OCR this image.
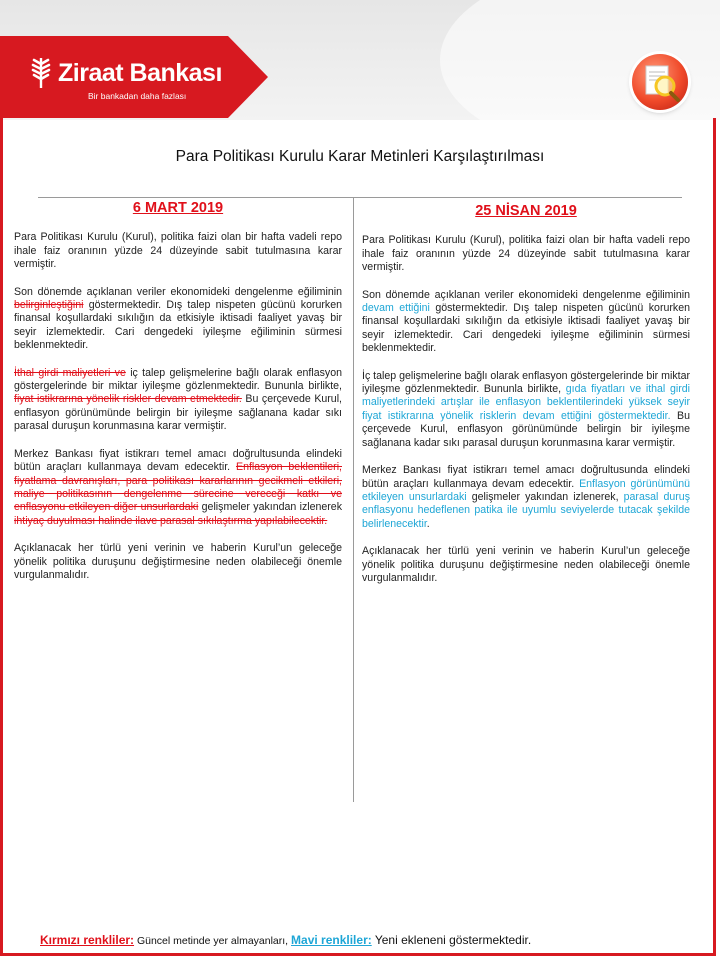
Ziraat Bankası
Bir bankadan daha fazlası
Para Politikası Kurulu Karar Metinleri Karşılaştırılması
6 MART 2019

Para Politikası Kurulu (Kurul), politika faizi olan bir hafta vadeli repo ihale faiz oranının yüzde 24 düzeyinde sabit tutulmasına karar vermiştir.

Son dönemde açıklanan veriler ekonomideki dengelenme eğiliminin belirginleştiğini göstermektedir. Dış talep nispeten gücünü korurken finansal koşullardaki sıkılığın da etkisiyle iktisadi faaliyet yavaş bir seyir izlemektedir. Cari dengedeki iyileşme eğiliminin sürmesi beklenmektedir.

İthal girdi maliyetleri ve iç talep gelişmelerine bağlı olarak enflasyon göstergelerinde bir miktar iyileşme gözlenmektedir. Bununla birlikte, fiyat istikrarına yönelik riskler devam etmektedir. Bu çerçevede Kurul, enflasyon görünümünde belirgin bir iyileşme sağlanana kadar sıkı parasal duruşun korunmasına karar vermiştir.

Merkez Bankası fiyat istikrarı temel amacı doğrultusunda elindeki bütün araçları kullanmaya devam edecektir. Enflasyon beklentileri, fiyatlama davranışları, para politikası kararlarının gecikmeli etkileri, maliye politikasının dengelenme sürecine vereceği katkı ve enflasyonu etkileyen diğer unsurlardaki gelişmeler yakından izlenerek ihtiyaç duyulması halinde ilave parasal sıkılaştırma yapılabilecektir.

Açıklanacak her türlü yeni verinin ve haberin Kurul’un geleceğe yönelik politika duruşunu değiştirmesine neden olabileceği önemle vurgulanmalıdır.

25 NİSAN 2019

Para Politikası Kurulu (Kurul), politika faizi olan bir hafta vadeli repo ihale faiz oranının yüzde 24 düzeyinde sabit tutulmasına karar vermiştir.

Son dönemde açıklanan veriler ekonomideki dengelenme eğiliminin devam ettiğini göstermektedir. Dış talep nispeten gücünü korurken finansal koşullardaki sıkılığın da etkisiyle iktisadi faaliyet yavaş bir seyir izlemektedir. Cari dengedeki iyileşme eğiliminin sürmesi beklenmektedir.

İç talep gelişmelerine bağlı olarak enflasyon göstergelerinde bir miktar iyileşme gözlenmektedir. Bununla birlikte, gıda fiyatları ve ithal girdi maliyetlerindeki artışlar ile enflasyon beklentilerindeki yüksek seyir fiyat istikrarına yönelik risklerin devam ettiğini göstermektedir. Bu çerçevede Kurul, enflasyon görünümünde belirgin bir iyileşme sağlanana kadar sıkı parasal duruşun korunmasına karar vermiştir.

Merkez Bankası fiyat istikrarı temel amacı doğrultusunda elindeki bütün araçları kullanmaya devam edecektir. Enflasyon görünümünü etkileyen unsurlardaki gelişmeler yakından izlenerek, parasal duruş enflasyonu hedeflenen patika ile uyumlu seviyelerde tutacak şekilde belirlenecektir.

Açıklanacak her türlü yeni verinin ve haberin Kurul’un geleceğe yönelik politika duruşunu değiştirmesine neden olabileceği önemle vurgulanmalıdır.

Kırmızı renkliler: Güncel metinde yer almayanları, Mavi renkliler: Yeni ekleneni göstermektedir.
